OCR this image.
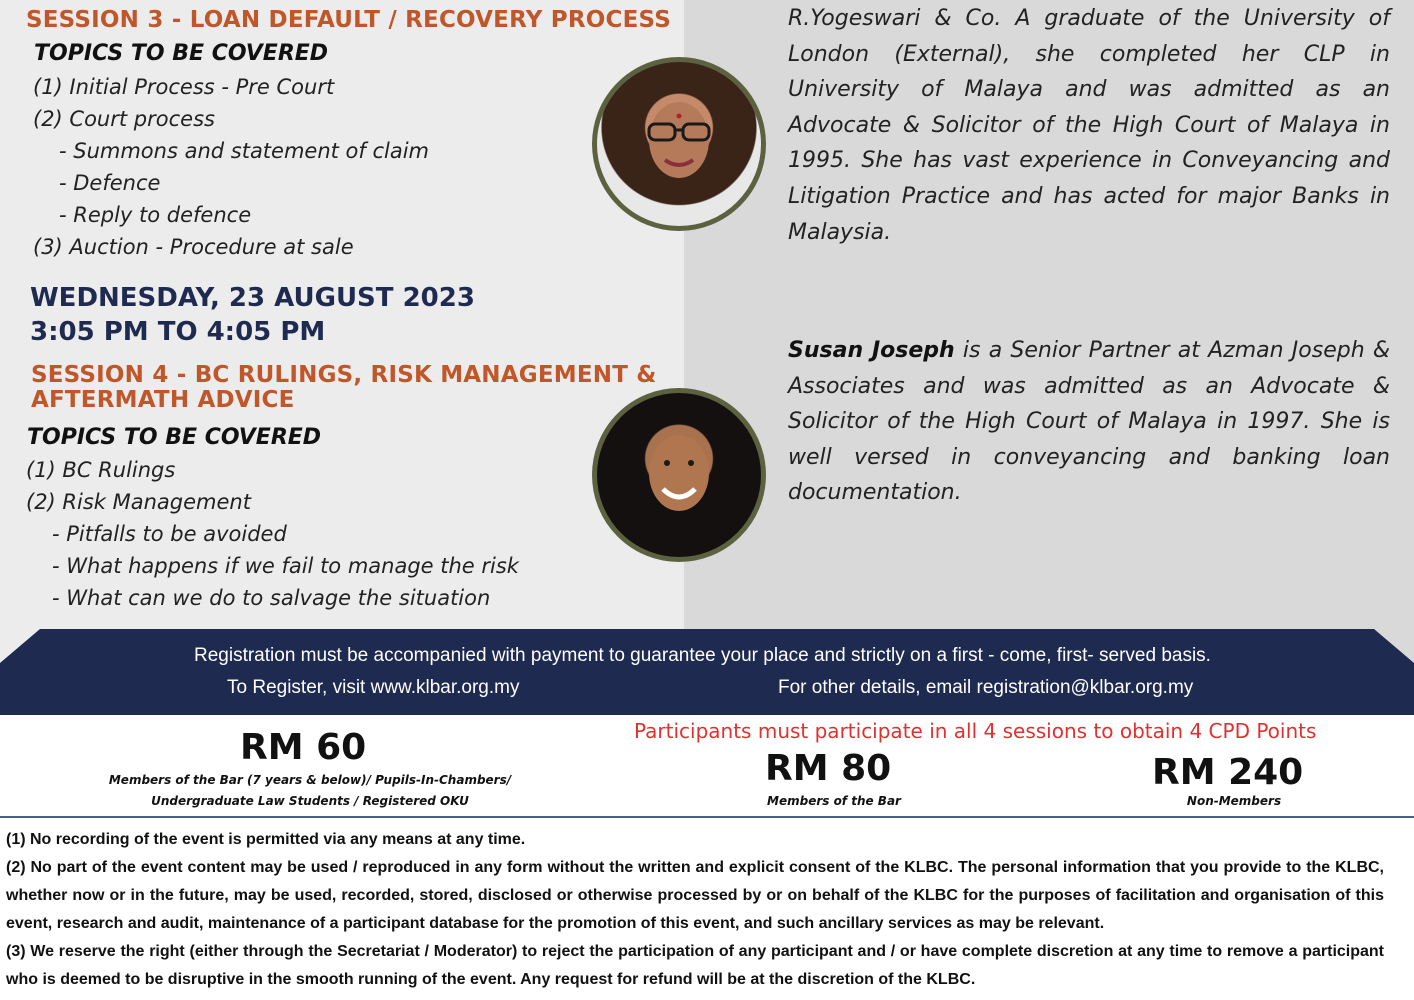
SESSION 3 - LOAN DEFAULT / RECOVERY PROCESS
TOPICS TO BE COVERED
(1) Initial Process - Pre Court
(2) Court process
- Summons and statement of claim
- Defence
- Reply to defence
(3) Auction - Procedure at sale
WEDNESDAY, 23 AUGUST 2023
3:05 PM TO 4:05 PM
SESSION 4 - BC RULINGS, RISK MANAGEMENT &
AFTERMATH ADVICE
TOPICS TO BE COVERED
(1) BC Rulings
(2) Risk Management
- Pitfalls to be avoided
- What happens if we fail to manage the risk
- What can we do to salvage the situation

R.Yogeswari & Co. A graduate of the University of London (External), she completed her CLP in University of Malaya and was admitted as an Advocate & Solicitor of the High Court of Malaya in 1995. She has vast experience in Conveyancing and Litigation Practice and has acted for major Banks in Malaysia.

Susan Joseph is a Senior Partner at Azman Joseph & Associates and was admitted as an Advocate & Solicitor of the High Court of Malaya in 1997. She is well versed in conveyancing and banking loan documentation.

Registration must be accompanied with payment to guarantee your place and strictly on a first - come, first- served basis.
To Register, visit www.klbar.org.my	For other details, email registration@klbar.org.my
Participants must participate in all 4 sessions to obtain 4 CPD Points
RM 60
Members of the Bar (7 years & below)/ Pupils-In-Chambers/
Undergraduate Law Students / Registered OKU
RM 80
Members of the Bar
RM 240
Non-Members

(1) No recording of the event is permitted via any means at any time.

(2) No part of the event content may be used / reproduced in any form without the written and explicit consent of the KLBC. The personal information that you provide to the KLBC, whether now or in the future, may be used, recorded, stored, disclosed or otherwise processed by or on behalf of the KLBC for the purposes of facilitation and organisation of this event, research and audit, maintenance of a participant database for the promotion of this event, and such ancillary services as may be relevant.

(3) We reserve the right (either through the Secretariat / Moderator) to reject the participation of any participant and / or have complete discretion at any time to remove a participant who is deemed to be disruptive in the smooth running of the event. Any request for refund will be at the discretion of the KLBC.
